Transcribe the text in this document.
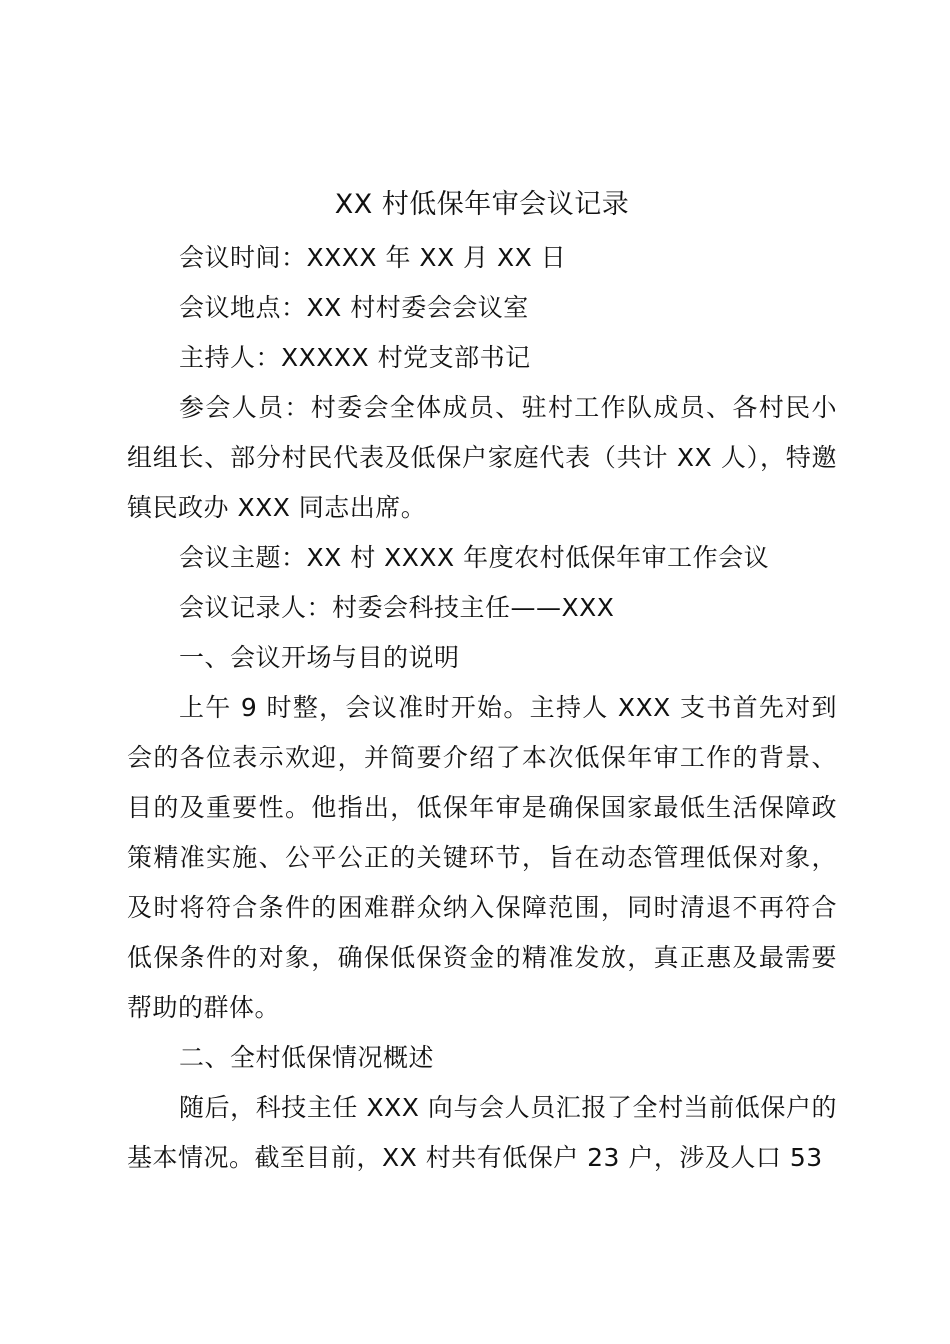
XX 村低保年审会议记录

会议时间：XXXX 年 XX 月 XX 日

会议地点：XX 村村委会会议室

主持人：XXXXX 村党支部书记

参会人员：村委会全体成员、驻村工作队成员、各村民小组组长、部分村民代表及低保户家庭代表（共计 XX 人），特邀镇民政办 XXX 同志出席。

会议主题：XX 村 XXXX 年度农村低保年审工作会议

会议记录人：村委会科技主任——XXX

一、会议开场与目的说明

上午 9 时整，会议准时开始。主持人 XXX 支书首先对到会的各位表示欢迎，并简要介绍了本次低保年审工作的背景、目的及重要性。他指出，低保年审是确保国家最低生活保障政策精准实施、公平公正的关键环节，旨在动态管理低保对象，及时将符合条件的困难群众纳入保障范围，同时清退不再符合低保条件的对象，确保低保资金的精准发放，真正惠及最需要帮助的群体。

二、全村低保情况概述

随后，科技主任 XXX 向与会人员汇报了全村当前低保户的基本情况。截至目前，XX 村共有低保户 23 户，涉及人口 53
